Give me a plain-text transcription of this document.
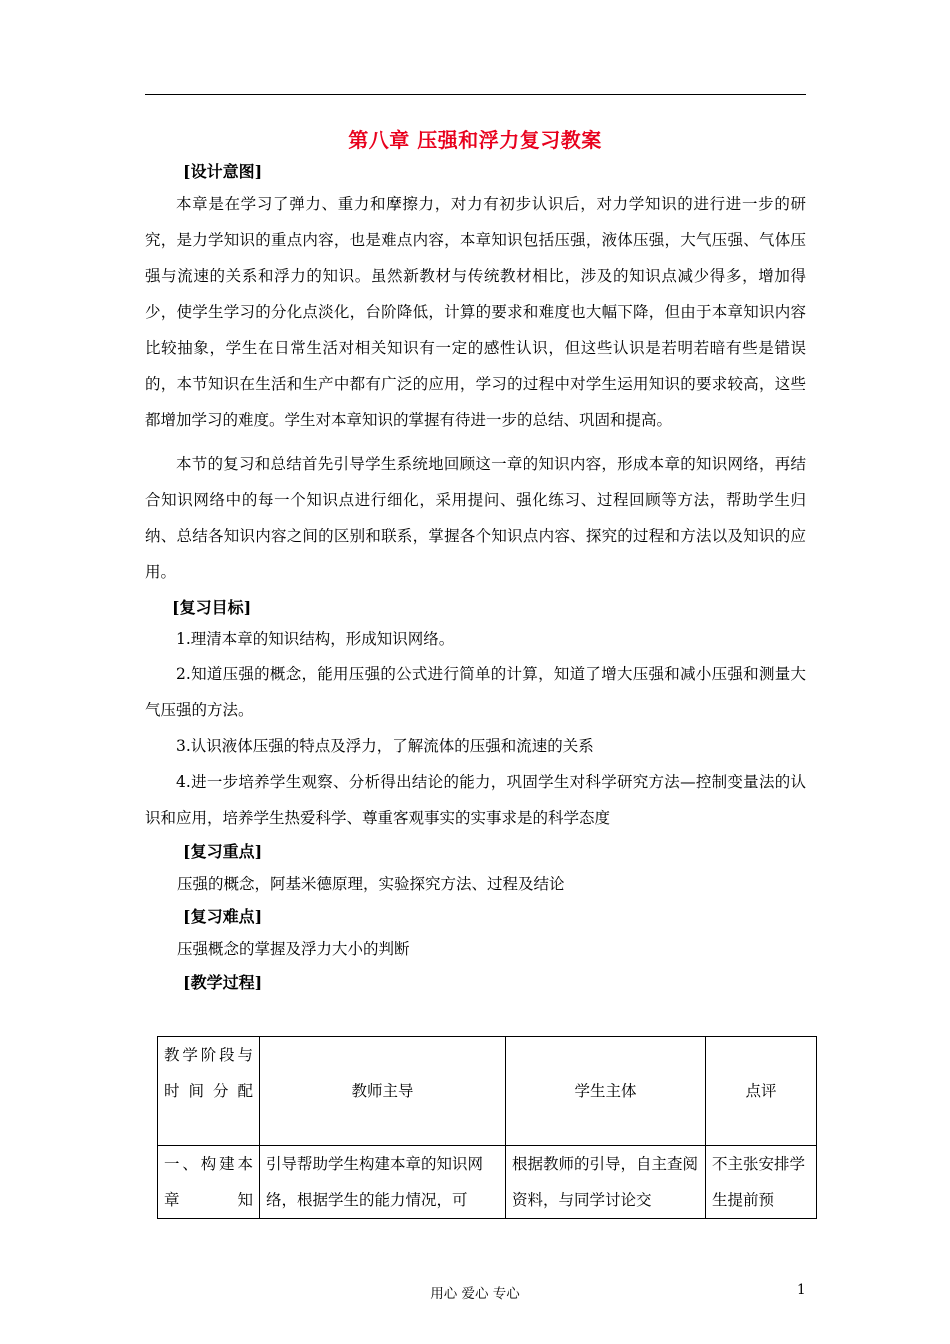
第八章 压强和浮力复习教案
[设计意图]
本章是在学习了弹力、重力和摩擦力，对力有初步认识后，对力学知识的进行进一步的研究，是力学知识的重点内容，也是难点内容，本章知识包括压强，液体压强，大气压强、气体压强与流速的关系和浮力的知识。虽然新教材与传统教材相比，涉及的知识点减少得多，增加得少，使学生学习的分化点淡化，台阶降低，计算的要求和难度也大幅下降，但由于本章知识内容比较抽象，学生在日常生活对相关知识有一定的感性认识，但这些认识是若明若暗有些是错误的，本节知识在生活和生产中都有广泛的应用，学习的过程中对学生运用知识的要求较高，这些都增加学习的难度。学生对本章知识的掌握有待进一步的总结、巩固和提高。
本节的复习和总结首先引导学生系统地回顾这一章的知识内容，形成本章的知识网络，再结合知识网络中的每一个知识点进行细化，采用提问、强化练习、过程回顾等方法，帮助学生归纳、总结各知识内容之间的区别和联系，掌握各个知识点内容、探究的过程和方法以及知识的应用。
[复习目标]
1.理清本章的知识结构，形成知识网络。
2.知道压强的概念，能用压强的公式进行简单的计算，知道了增大压强和减小压强和测量大气压强的方法。
3.认识液体压强的特点及浮力，了解流体的压强和流速的关系
4.进一步培养学生观察、分析得出结论的能力，巩固学生对科学研究方法—控制变量法的认识和应用，培养学生热爱科学、尊重客观事实的实事求是的科学态度
[复习重点]
压强的概念，阿基米德原理，实验探究方法、过程及结论
[复习难点]
压强概念的掌握及浮力大小的判断
[教学过程]
教学阶段与时间分配	教师主导	学生主体	点评
一、构建本章知	引导帮助学生构建本章的知识网络，根据学生的能力情况，可	根据教师的引导，自主查阅资料，与同学讨论交	不主张安排学生提前预
用心 爱心 专心	1
